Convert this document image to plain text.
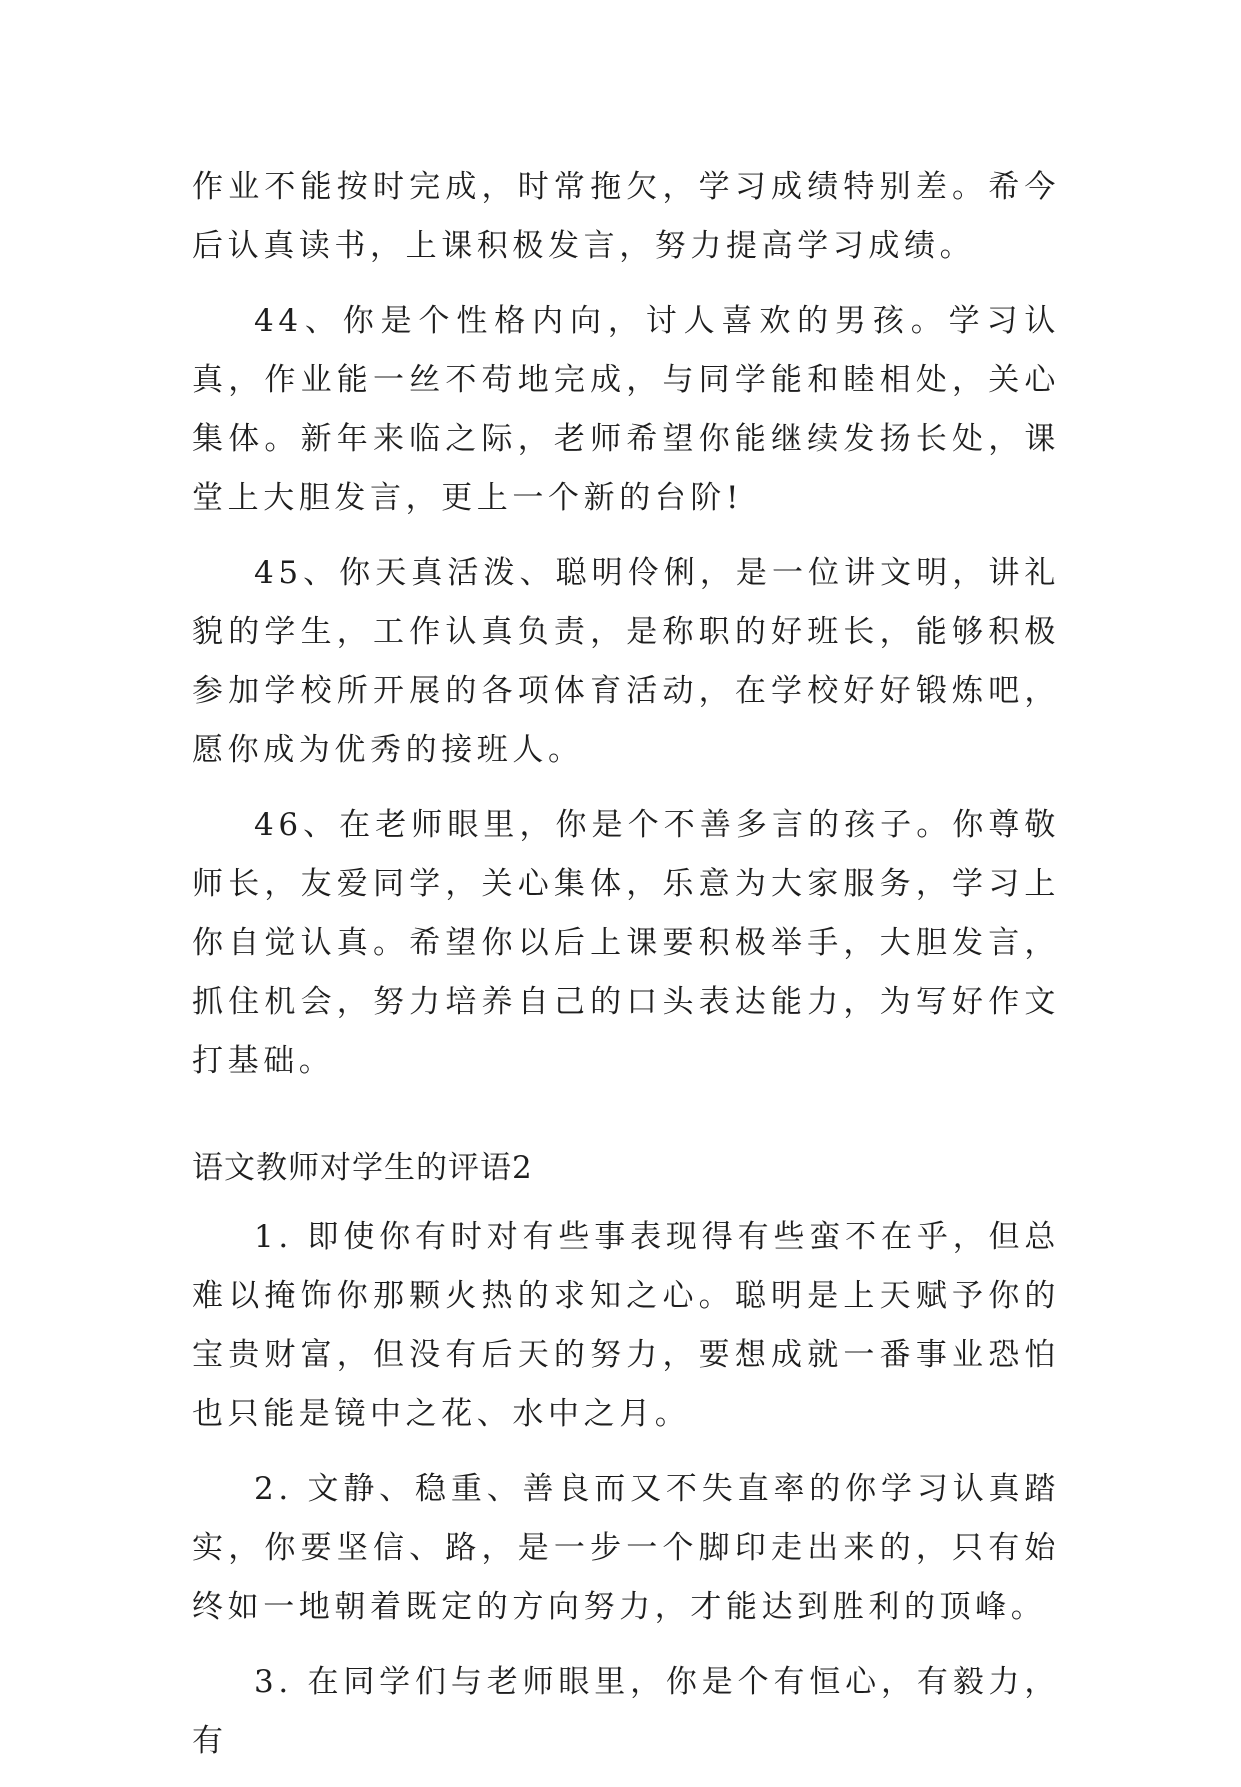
作业不能按时完成，时常拖欠，学习成绩特别差。希今后认真读书，上课积极发言，努力提高学习成绩。

44、你是个性格内向，讨人喜欢的男孩。学习认真，作业能一丝不苟地完成，与同学能和睦相处，关心集体。新年来临之际，老师希望你能继续发扬长处，课堂上大胆发言，更上一个新的台阶!

45、你天真活泼、聪明伶俐，是一位讲文明，讲礼貌的学生，工作认真负责，是称职的好班长，能够积极参加学校所开展的各项体育活动，在学校好好锻炼吧，愿你成为优秀的接班人。

46、在老师眼里，你是个不善多言的孩子。你尊敬师长，友爱同学，关心集体，乐意为大家服务，学习上你自觉认真。希望你以后上课要积极举手，大胆发言，抓住机会，努力培养自己的口头表达能力，为写好作文打基础。

语文教师对学生的评语2

1. 即使你有时对有些事表现得有些蛮不在乎，但总难以掩饰你那颗火热的求知之心。聪明是上天赋予你的宝贵财富，但没有后天的努力，要想成就一番事业恐怕也只能是镜中之花、水中之月。

2. 文静、稳重、善良而又不失直率的你学习认真踏实，你要坚信、路，是一步一个脚印走出来的，只有始终如一地朝着既定的方向努力，才能达到胜利的顶峰。

3. 在同学们与老师眼里，你是个有恒心，有毅力，有
